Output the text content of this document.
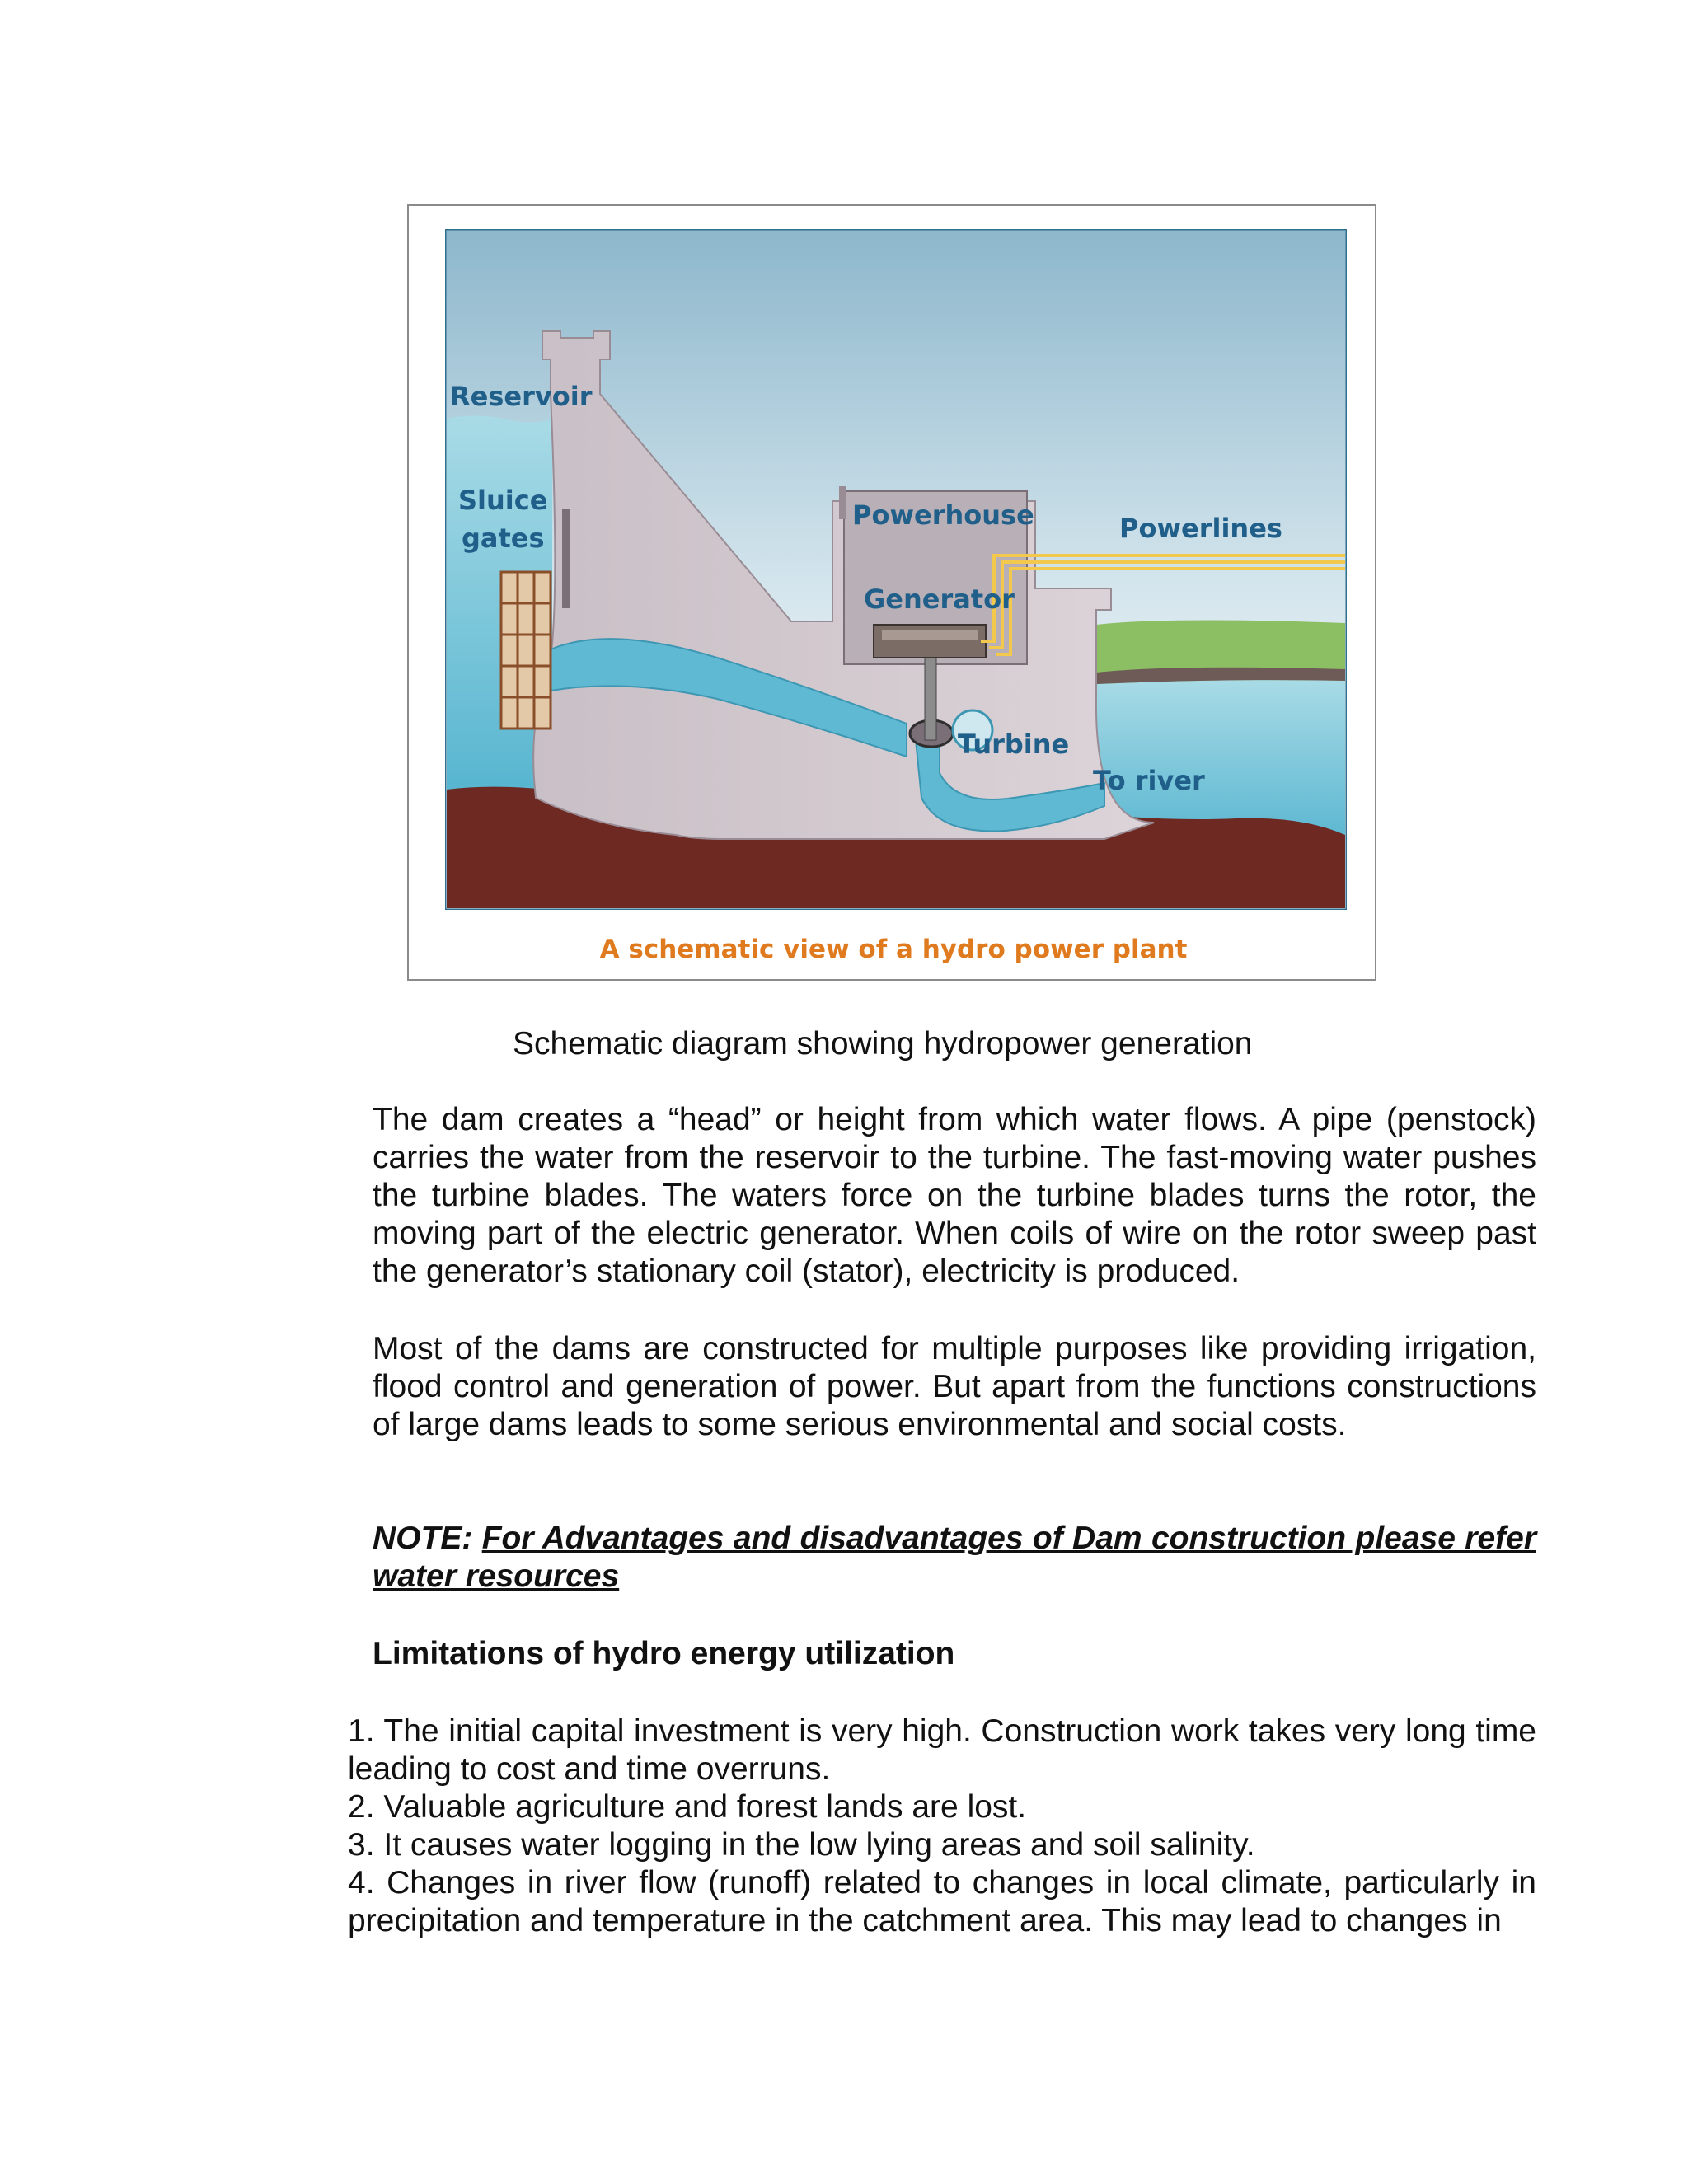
Reservoir
Sluice
gates
Powerhouse	Powerlines
Generator
Turbine
To river
A schematic view of a hydro power plant
Schematic diagram showing hydropower generation

The dam creates a “head” or height from which water flows. A pipe (penstock) carries the water from the reservoir to the turbine. The fast-moving water pushes the turbine blades. The waters force on the turbine blades turns the rotor, the moving part of the electric generator. When coils of wire on the rotor sweep past the generator’s stationary coil (stator), electricity is produced.

Most of the dams are constructed for multiple purposes like providing irrigation, flood control and generation of power. But apart from the functions constructions of large dams leads to some serious environmental and social costs.

NOTE: For Advantages and disadvantages of Dam construction please refer water resources

Limitations of hydro energy utilization

1. The initial capital investment is very high. Construction work takes very long time leading to cost and time overruns.

2. Valuable agriculture and forest lands are lost.

3. It causes water logging in the low lying areas and soil salinity.

4. Changes in river flow (runoff) related to changes in local climate, particularly in precipitation and temperature in the catchment area. This may lead to changes in
